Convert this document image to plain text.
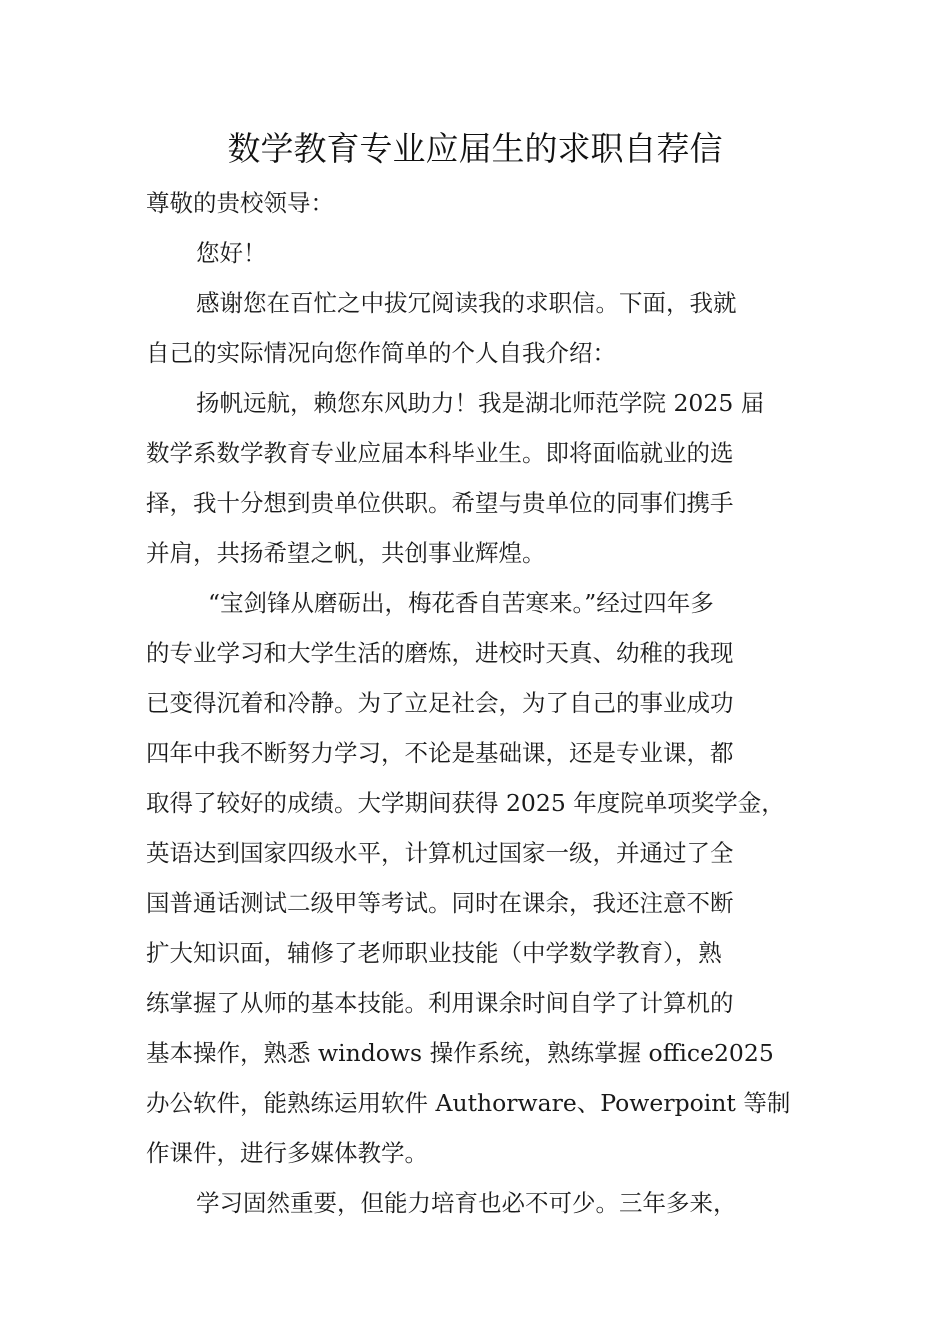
数学教育专业应届生的求职自荐信
尊敬的贵校领导：
您好！
感谢您在百忙之中拔冗阅读我的求职信。下面，我就
自己的实际情况向您作简单的个人自我介绍：
扬帆远航，赖您东风助力！我是湖北师范学院 2025 届
数学系数学教育专业应届本科毕业生。即将面临就业的选
择，我十分想到贵单位供职。希望与贵单位的同事们携手
并肩，共扬希望之帆，共创事业辉煌。
“宝剑锋从磨砺出，梅花香自苦寒来。”经过四年多
的专业学习和大学生活的磨炼，进校时天真、幼稚的我现
已变得沉着和冷静。为了立足社会，为了自己的事业成功
四年中我不断努力学习，不论是基础课，还是专业课，都
取得了较好的成绩。大学期间获得 2025 年度院单项奖学金，
英语达到国家四级水平，计算机过国家一级，并通过了全
国普通话测试二级甲等考试。同时在课余，我还注意不断
扩大知识面，辅修了老师职业技能（中学数学教育），熟
练掌握了从师的基本技能。利用课余时间自学了计算机的
基本操作，熟悉 windows 操作系统，熟练掌握 office2025
办公软件，能熟练运用软件 Authorware、Powerpoint 等制
作课件，进行多媒体教学。
学习固然重要，但能力培育也必不可少。三年多来，
